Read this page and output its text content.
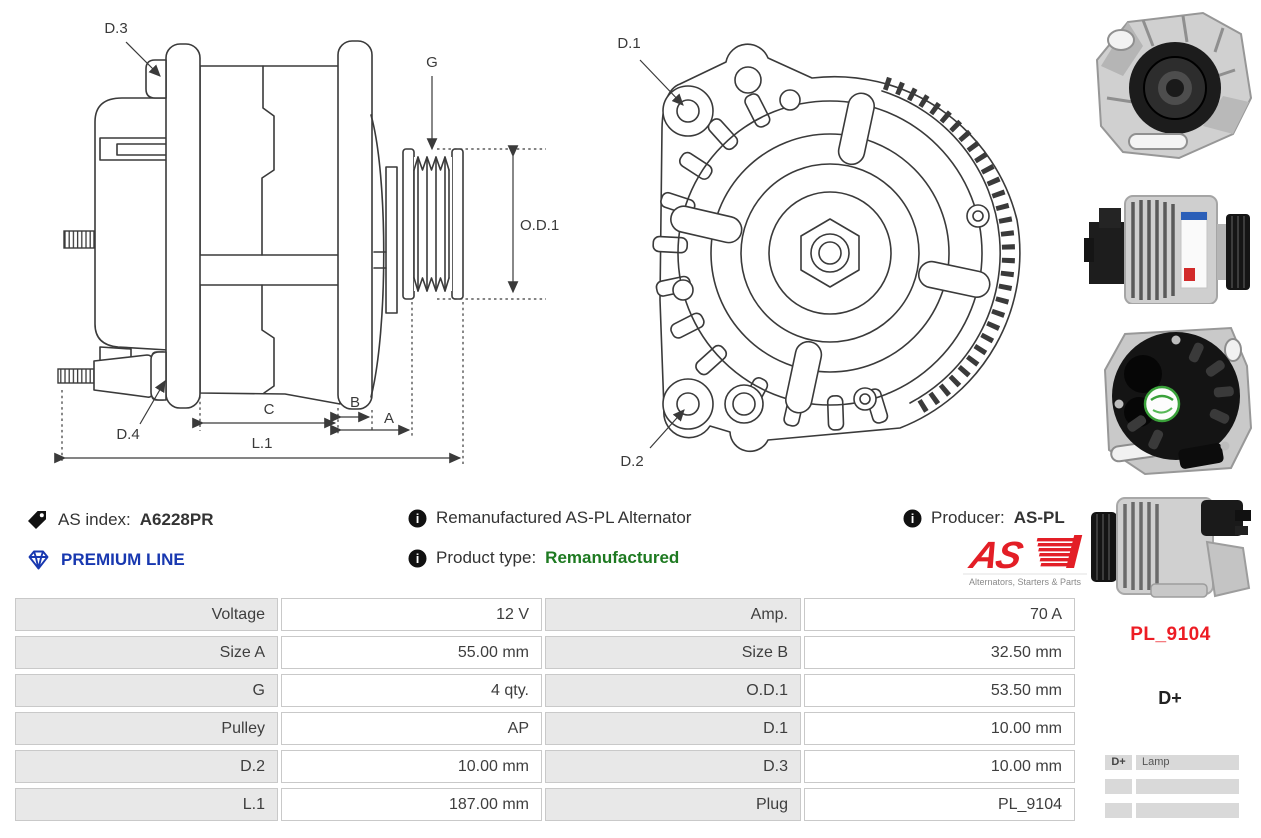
D.3
D.4
G
O.D.1
C	B
A
L.1
D.1
D.2
AS index: A6228PR
PREMIUM LINE
i Remanufactured AS-PL Alternator
i Product type: Remanufactured
i Producer: AS-PL
AS
Alternators, Starters & Parts
Voltage	12 V	Amp.	70 A
Size A	55.00 mm	Size B	32.50 mm
G	4 qty.	O.D.1	53.50 mm
Pulley	AP	D.1	10.00 mm
D.2	10.00 mm	D.3	10.00 mm
L.1	187.00 mm	Plug	PL_9104
PL_9104
D+
D+	Lamp
